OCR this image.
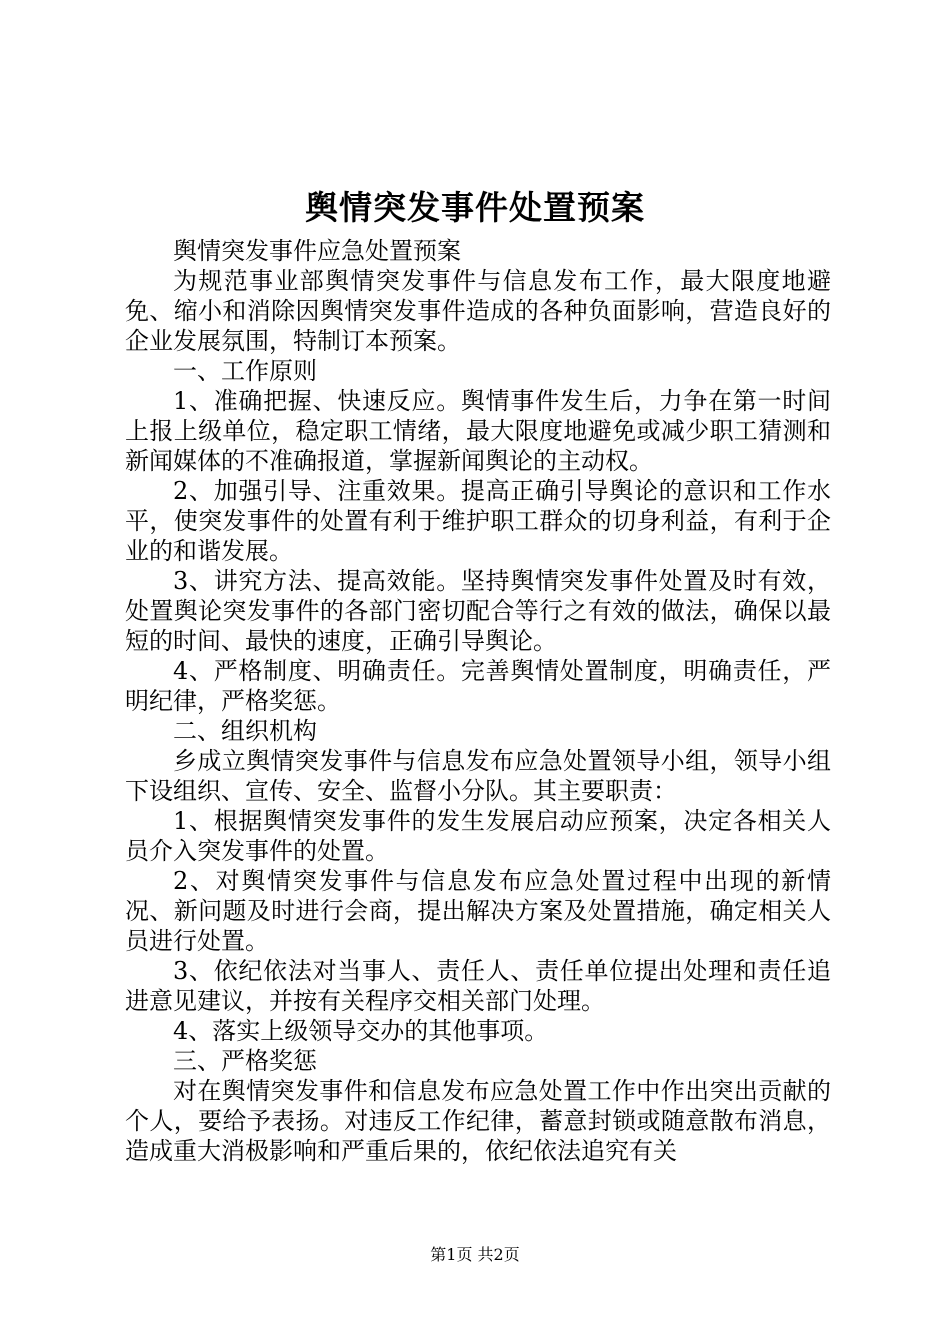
舆情突发事件处置预案

舆情突发事件应急处置预案

为规范事业部舆情突发事件与信息发布工作，最大限度地避免、缩小和消除因舆情突发事件造成的各种负面影响，营造良好的企业发展氛围，特制订本预案。

一、工作原则

1、准确把握、快速反应。舆情事件发生后，力争在第一时间上报上级单位，稳定职工情绪，最大限度地避免或减少职工猜测和新闻媒体的不准确报道，掌握新闻舆论的主动权。

2、加强引导、注重效果。提高正确引导舆论的意识和工作水平，使突发事件的处置有利于维护职工群众的切身利益，有利于企业的和谐发展。

3、讲究方法、提高效能。坚持舆情突发事件处置及时有效，处置舆论突发事件的各部门密切配合等行之有效的做法，确保以最短的时间、最快的速度，正确引导舆论。

4、严格制度、明确责任。完善舆情处置制度，明确责任，严明纪律，严格奖惩。

二、组织机构

乡成立舆情突发事件与信息发布应急处置领导小组，领导小组下设组织、宣传、安全、监督小分队。其主要职责：

1、根据舆情突发事件的发生发展启动应预案，决定各相关人员介入突发事件的处置。

2、对舆情突发事件与信息发布应急处置过程中出现的新情况、新问题及时进行会商，提出解决方案及处置措施，确定相关人员进行处置。

3、依纪依法对当事人、责任人、责任单位提出处理和责任追进意见建议，并按有关程序交相关部门处理。

4、落实上级领导交办的其他事项。

三、严格奖惩

对在舆情突发事件和信息发布应急处置工作中作出突出贡献的个人，要给予表扬。对违反工作纪律，蓄意封锁或随意散布消息，造成重大消极影响和严重后果的，依纪依法追究有关

第1页 共2页
